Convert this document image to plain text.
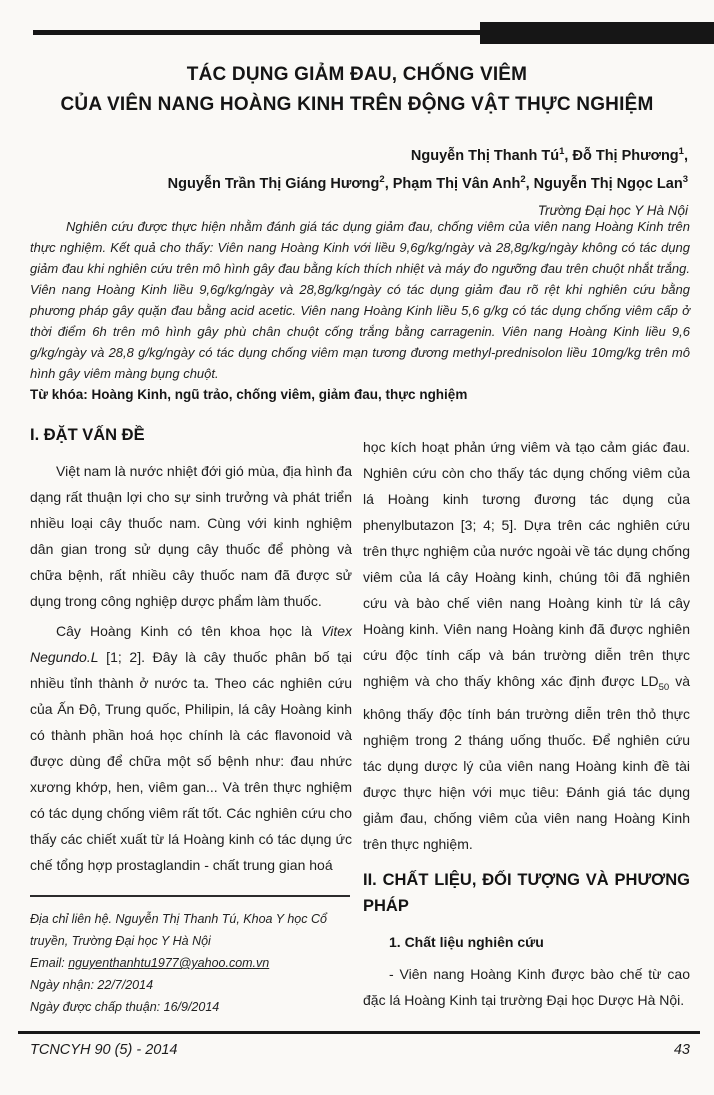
TÁC DỤNG GIẢM ĐAU, CHỐNG VIÊM
CỦA VIÊN NANG HOÀNG KINH TRÊN ĐỘNG VẬT THỰC NGHIỆM
Nguyễn Thị Thanh $Tú^1$, Đỗ Thị Phương$^1$,
Nguyễn Trần Thị Giáng Hương$^2$, Phạm Thị Vân Anh$^2$, Nguyễn Thị Ngọc Lan$^3$
Trường Đại học Y Hà Nội
Nghiên cứu được thực hiện nhằm đánh giá tác dụng giảm đau, chống viêm của viên nang Hoàng Kinh trên thực nghiệm. Kết quả cho thấy: Viên nang Hoàng Kinh với liều 9,6g/kg/ngày và 28,8g/kg/ngày không có tác dụng giảm đau khi nghiên cứu trên mô hình gây đau bằng kích thích nhiệt và máy đo ngưỡng đau trên chuột nhắt trắng. Viên nang Hoàng Kinh liều 9,6g/kg/ngày và 28,8g/kg/ngày có tác dụng giảm đau rõ rệt khi nghiên cứu bằng phương pháp gây quặn đau bằng acid acetic. Viên nang Hoàng Kinh liều 5,6 g/kg có tác dụng chống viêm cấp ở thời điểm 6h trên mô hình gây phù chân chuột cống trắng bằng carragenin. Viên nang Hoàng Kinh liều 9,6 g/kg/ngày và 28,8 g/kg/ngày có tác dụng chống viêm mạn tương đương methyl-prednisolon liều 10mg/kg trên mô hình gây viêm màng bụng chuột.
Từ khóa: Hoàng Kinh, ngũ trảo, chống viêm, giảm đau, thực nghiệm
I. ĐẶT VẤN ĐỀ

Việt nam là nước nhiệt đới gió mùa, địa hình đa dạng rất thuận lợi cho sự sinh trưởng và phát triển nhiều loại cây thuốc nam. Cùng với kinh nghiệm dân gian trong sử dụng cây thuốc để phòng và chữa bệnh, rất nhiều cây thuốc nam đã được sử dụng trong công nghiệp dược phẩm làm thuốc.

Cây Hoàng Kinh có tên khoa học là Vitex Negundo.L [1; 2]. Đây là cây thuốc phân bố tại nhiều tỉnh thành ở nước ta. Theo các nghiên cứu của Ấn Độ, Trung quốc, Philipin, lá cây Hoàng kinh có thành phần hoá học chính là các flavonoid và được dùng để chữa một số bệnh như: đau nhức xương khớp, hen, viêm gan... Và trên thực nghiệm có tác dụng chống viêm rất tốt. Các nghiên cứu cho thấy các chiết xuất từ lá Hoàng kinh có tác dụng ức chế tổng hợp prostaglandin - chất trung gian hoá

học kích hoạt phản ứng viêm và tạo cảm giác đau. Nghiên cứu còn cho thấy tác dụng chống viêm của lá Hoàng kinh tương đương tác dụng của phenylbutazon [3; 4; 5]. Dựa trên các nghiên cứu trên thực nghiệm của nước ngoài về tác dụng chống viêm của lá cây Hoàng kinh, chúng tôi đã nghiên cứu và bào chế viên nang Hoàng kinh từ lá cây Hoàng kinh. Viên nang Hoàng kinh đã được nghiên cứu độc tính cấp và bán trường diễn trên thực nghiệm và cho thấy không xác định được $LD_{50}$ và không thấy độc tính bán trường diễn trên thỏ thực nghiệm trong 2 tháng uống thuốc. Để nghiên cứu tác dụng dược lý của viên nang Hoàng kinh đề tài được thực hiện với mục tiêu: Đánh giá tác dụng giảm đau, chống viêm của viên nang Hoàng Kinh trên thực nghiệm.

II. CHẤT LIỆU, ĐỐI TƯỢNG VÀ PHƯƠNG PHÁP
1. Chất liệu nghiên cứu

- Viên nang Hoàng Kinh được bào chế từ cao đặc lá Hoàng Kinh tại trường Đại học Dược Hà Nội.

Địa chỉ liên hệ. Nguyễn Thị Thanh Tú, Khoa Y học Cổ truyền, Trường Đại học Y Hà Nội
Email: nguyenthanhtu1977@yahoo.com.vn
Ngày nhận: 22/7/2014
Ngày được chấp thuận: 16/9/2014
TCNCYH 90 (5) - 2014	43
